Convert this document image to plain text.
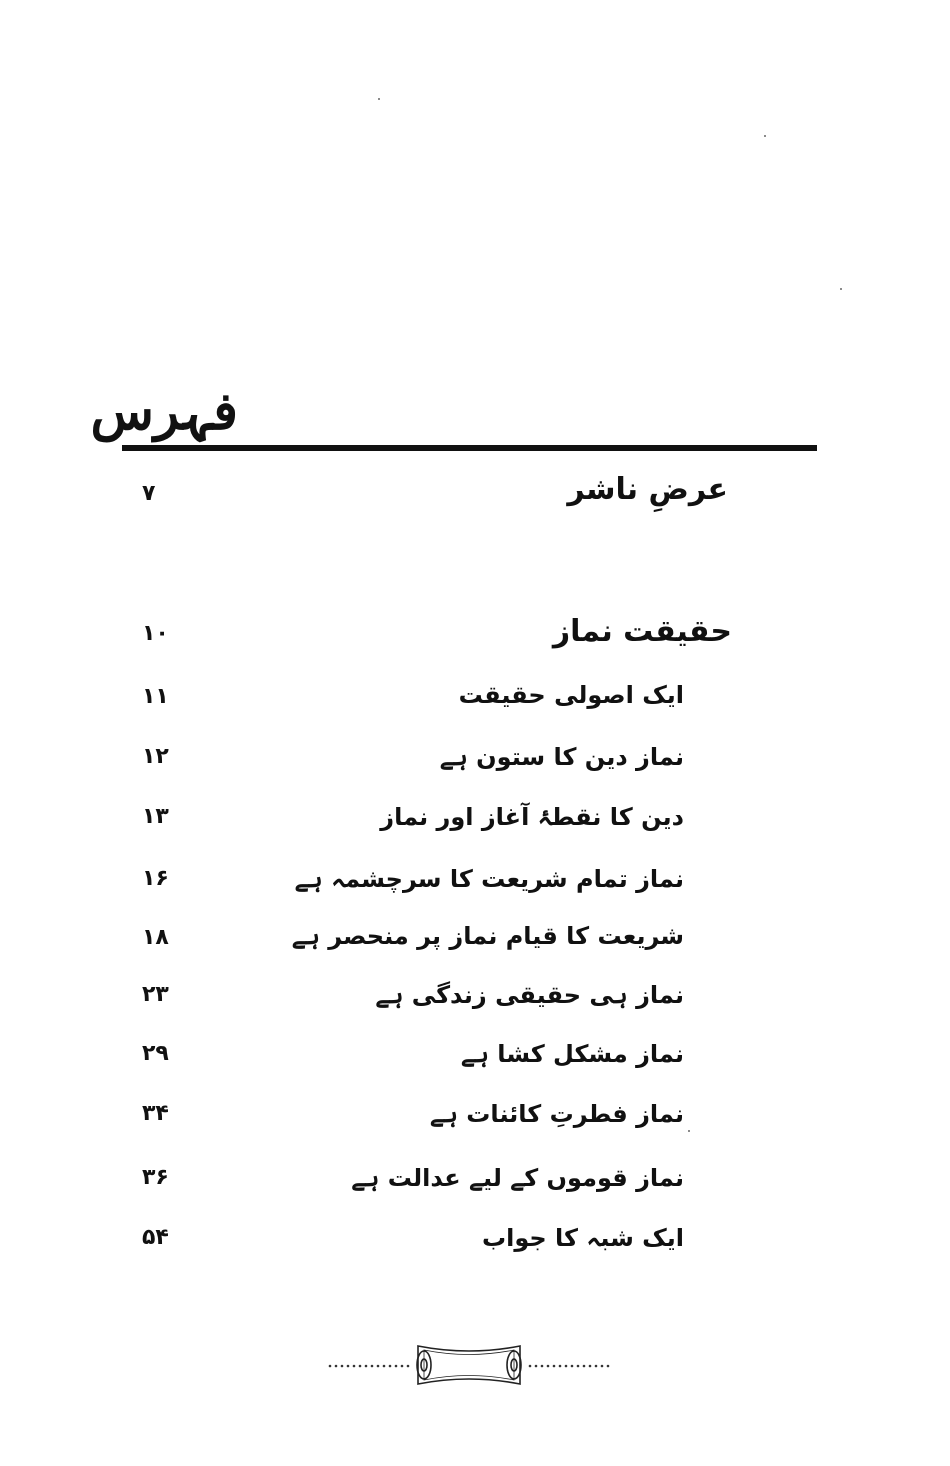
فہرس
عرضِ ناشر
۷
حقیقت نماز
۱۰
ایک اصولی حقیقت
۱۱
نماز دین کا ستون ہے
۱۲
دین کا نقطۂ آغاز اور نماز
۱۳
نماز تمام شریعت کا سرچشمہ ہے
۱۶
شریعت کا قیام نماز پر منحصر ہے
۱۸
نماز ہی حقیقی زندگی ہے
۲۳
نماز مشکل کشا ہے
۲۹
نماز فطرتِ کائنات ہے
۳۴
نماز قوموں کے لیے عدالت ہے
۳۶
ایک شبہ کا جواب
۵۴
